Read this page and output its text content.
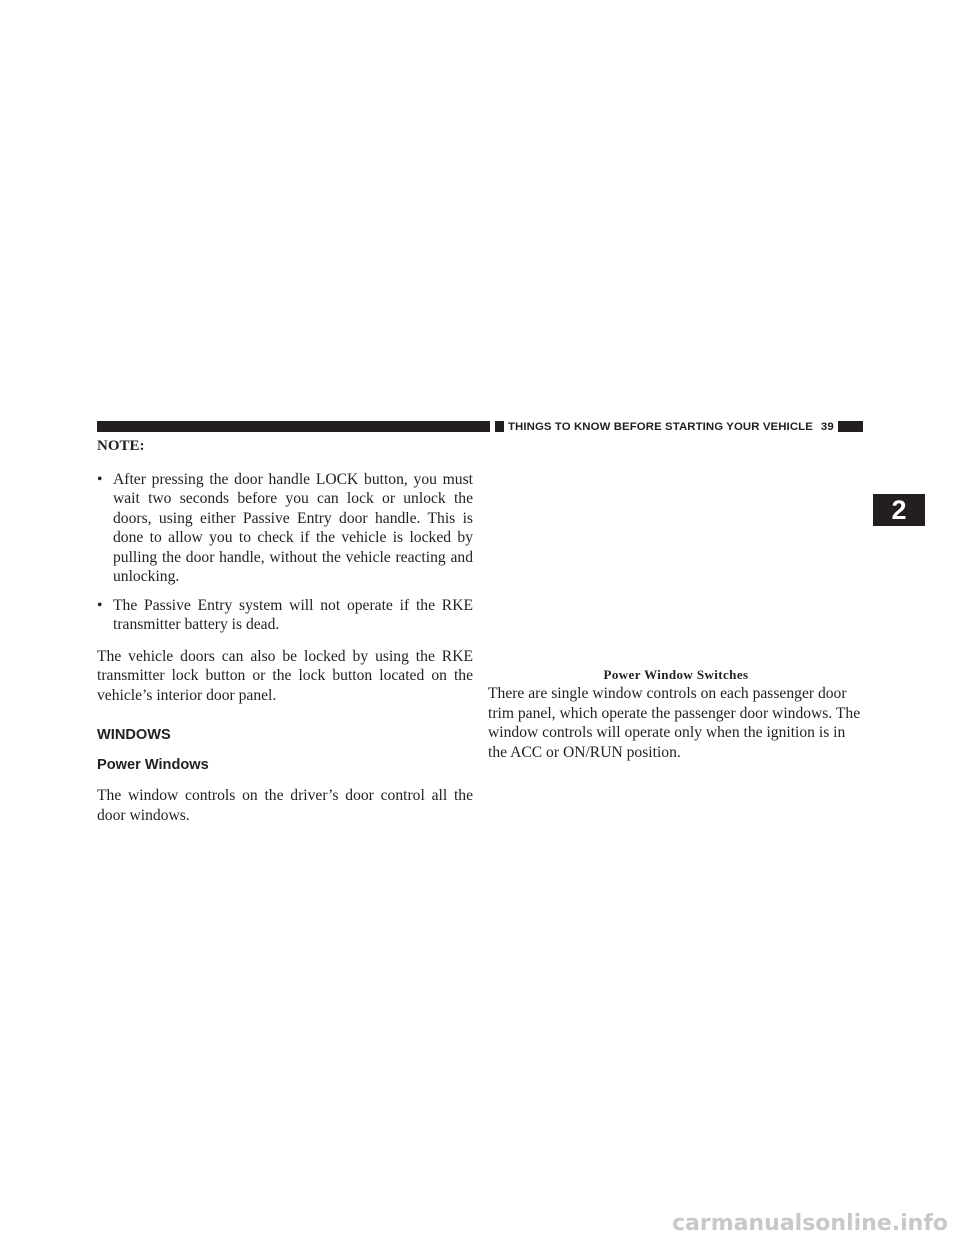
THINGS TO KNOW BEFORE STARTING YOUR VEHICLE 39
2
NOTE:
• After pressing the door handle LOCK button, you must wait two seconds before you can lock or unlock the doors, using either Passive Entry door handle. This is done to allow you to check if the vehicle is locked by pulling the door handle, without the vehicle reacting and unlocking.
• The Passive Entry system will not operate if the RKE transmitter battery is dead.

The vehicle doors can also be locked by using the RKE transmitter lock button or the lock button located on the vehicle’s interior door panel.

WINDOWS
Power Windows

The window controls on the driver’s door control all the door windows.

Power Window Switches

There are single window controls on each passenger door trim panel, which operate the passenger door windows. The window controls will operate only when the ignition is in the ACC or ON/RUN position.

carmanualsonline.info
